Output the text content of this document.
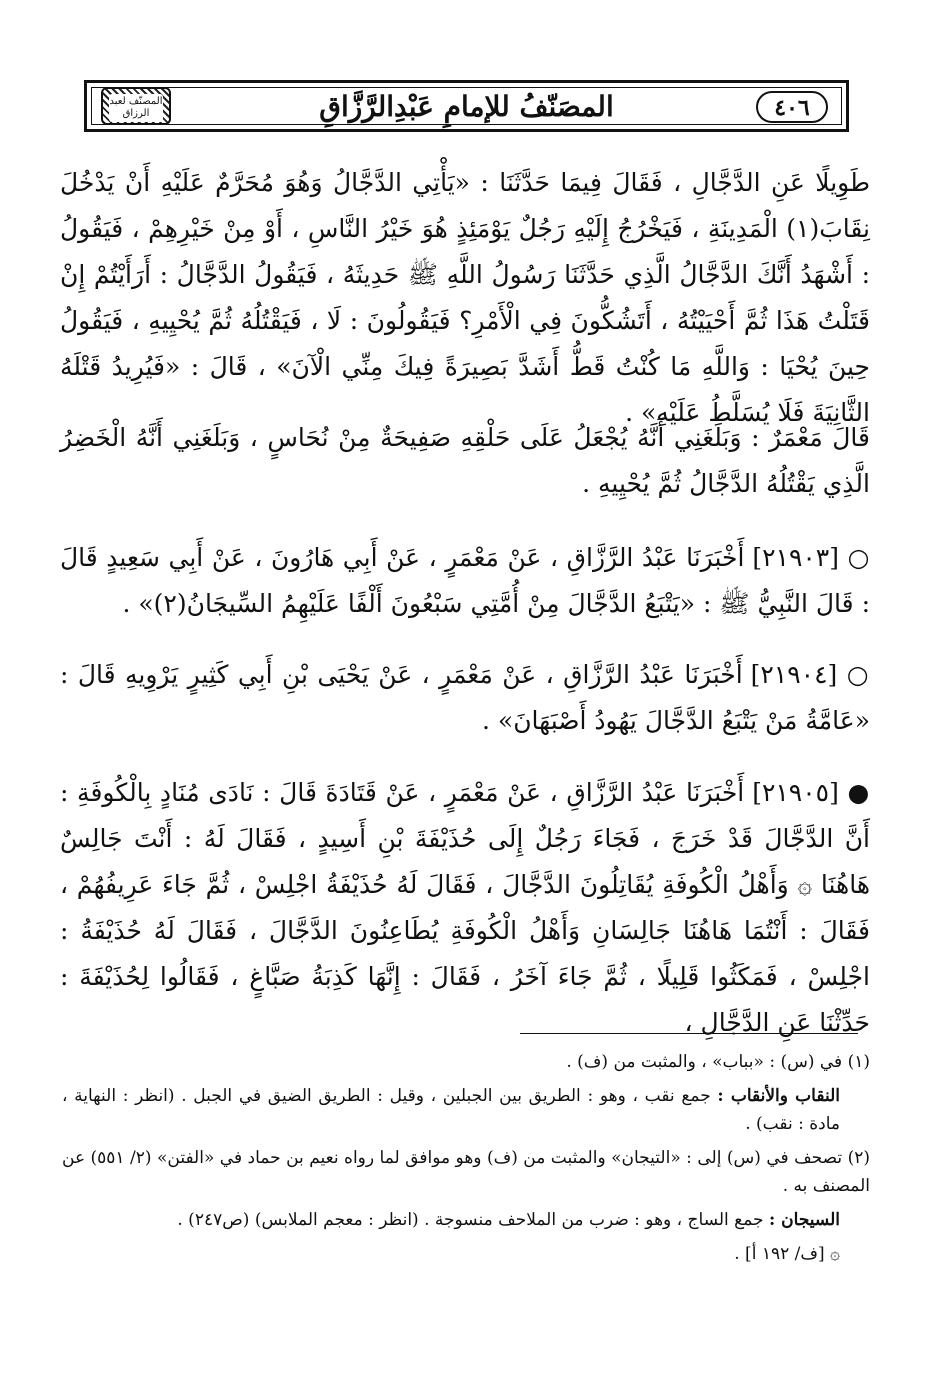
٤٠٦
المصَنّفُ للإمامِ عَبْدِالرَّزَّاقِ
المصنّف لعبد الرزاق

طَوِيلًا عَنِ الدَّجَّالِ ، فَقَالَ فِيمَا حَدَّثَنَا : «يَأْتِي الدَّجَّالُ وَهُوَ مُحَرَّمٌ عَلَيْهِ أَنْ يَدْخُلَ نِقَابَ(١) الْمَدِينَةِ ، فَيَخْرُجُ إِلَيْهِ رَجُلٌ يَوْمَئِذٍ هُوَ خَيْرُ النَّاسِ ، أَوْ مِنْ خَيْرِهِمْ ، فَيَقُولُ : أَشْهَدُ أَنَّكَ الدَّجَّالُ الَّذِي حَدَّثَنَا رَسُولُ اللَّهِ ﷺ حَدِيثَهُ ، فَيَقُولُ الدَّجَّالُ : أَرَأَيْتُمْ إِنْ قَتَلْتُ هَذَا ثُمَّ أَحْيَيْتُهُ ، أَتَشُكُّونَ فِي الْأَمْرِ؟ فَيَقُولُونَ : لَا ، فَيَقْتُلُهُ ثُمَّ يُحْيِيهِ ، فَيَقُولُ حِينَ يُحْيَا : وَاللَّهِ مَا كُنْتُ قَطُّ أَشَدَّ بَصِيرَةً فِيكَ مِنِّي الْآنَ» ، قَالَ : «فَيُرِيدُ قَتْلَهُ الثَّانِيَةَ فَلَا يُسَلَّطُ عَلَيْهِ» .

قَالَ مَعْمَرٌ : وَبَلَغَنِي أَنَّهُ يُجْعَلُ عَلَى حَلْقِهِ صَفِيحَةٌ مِنْ نُحَاسٍ ، وَبَلَغَنِي أَنَّهُ الْخَضِرُ الَّذِي يَقْتُلُهُ الدَّجَّالُ ثُمَّ يُحْيِيهِ .

○ [٢١٩٠٣] أَخْبَرَنَا عَبْدُ الرَّزَّاقِ ، عَنْ مَعْمَرٍ ، عَنْ أَبِي هَارُونَ ، عَنْ أَبِي سَعِيدٍ قَالَ : قَالَ النَّبِيُّ ﷺ : «يَتْبَعُ الدَّجَّالَ مِنْ أُمَّتِي سَبْعُونَ أَلْفًا عَلَيْهِمُ السِّيجَانُ(٢)» .

○ [٢١٩٠٤] أَخْبَرَنَا عَبْدُ الرَّزَّاقِ ، عَنْ مَعْمَرٍ ، عَنْ يَحْيَى بْنِ أَبِي كَثِيرٍ يَرْوِيهِ قَالَ : «عَامَّةُ مَنْ يَتْبَعُ الدَّجَّالَ يَهُودُ أَصْبَهَانَ» .

● [٢١٩٠٥] أَخْبَرَنَا عَبْدُ الرَّزَّاقِ ، عَنْ مَعْمَرٍ ، عَنْ قَتَادَةَ قَالَ : نَادَى مُنَادٍ بِالْكُوفَةِ : أَنَّ الدَّجَّالَ قَدْ خَرَجَ ، فَجَاءَ رَجُلٌ إِلَى حُذَيْفَةَ بْنِ أَسِيدٍ ، فَقَالَ لَهُ : أَنْتَ جَالِسٌ هَاهُنَا ۞ وَأَهْلُ الْكُوفَةِ يُقَاتِلُونَ الدَّجَّالَ ، فَقَالَ لَهُ حُذَيْفَةُ اجْلِسْ ، ثُمَّ جَاءَ عَرِيفُهُمْ ، فَقَالَ : أَنْتُمَا هَاهُنَا جَالِسَانِ وَأَهْلُ الْكُوفَةِ يُطَاعِنُونَ الدَّجَّالَ ، فَقَالَ لَهُ حُذَيْفَةُ : اجْلِسْ ، فَمَكَثُوا قَلِيلًا ، ثُمَّ جَاءَ آخَرُ ، فَقَالَ : إِنَّهَا كَذِبَةُ صَبَّاغٍ ، فَقَالُوا لِحُذَيْفَةَ : حَدِّثْنَا عَنِ الدَّجَّالِ ،

(١) في (س) : «بباب» ، والمثبت من (ف) .

النقاب والأنقاب : جمع نقب ، وهو : الطريق بين الجبلين ، وقيل : الطريق الضيق في الجبل . (انظر : النهاية ، مادة : نقب) .

(٢) تصحف في (س) إلى : «التيجان» والمثبت من (ف) وهو موافق لما رواه نعيم بن حماد في «الفتن» (٢/ ٥٥١) عن المصنف به .

السيجان : جمع الساج ، وهو : ضرب من الملاحف منسوجة . (انظر : معجم الملابس) (ص٢٤٧) .

۞ [ف/ ١٩٢ أ] .
